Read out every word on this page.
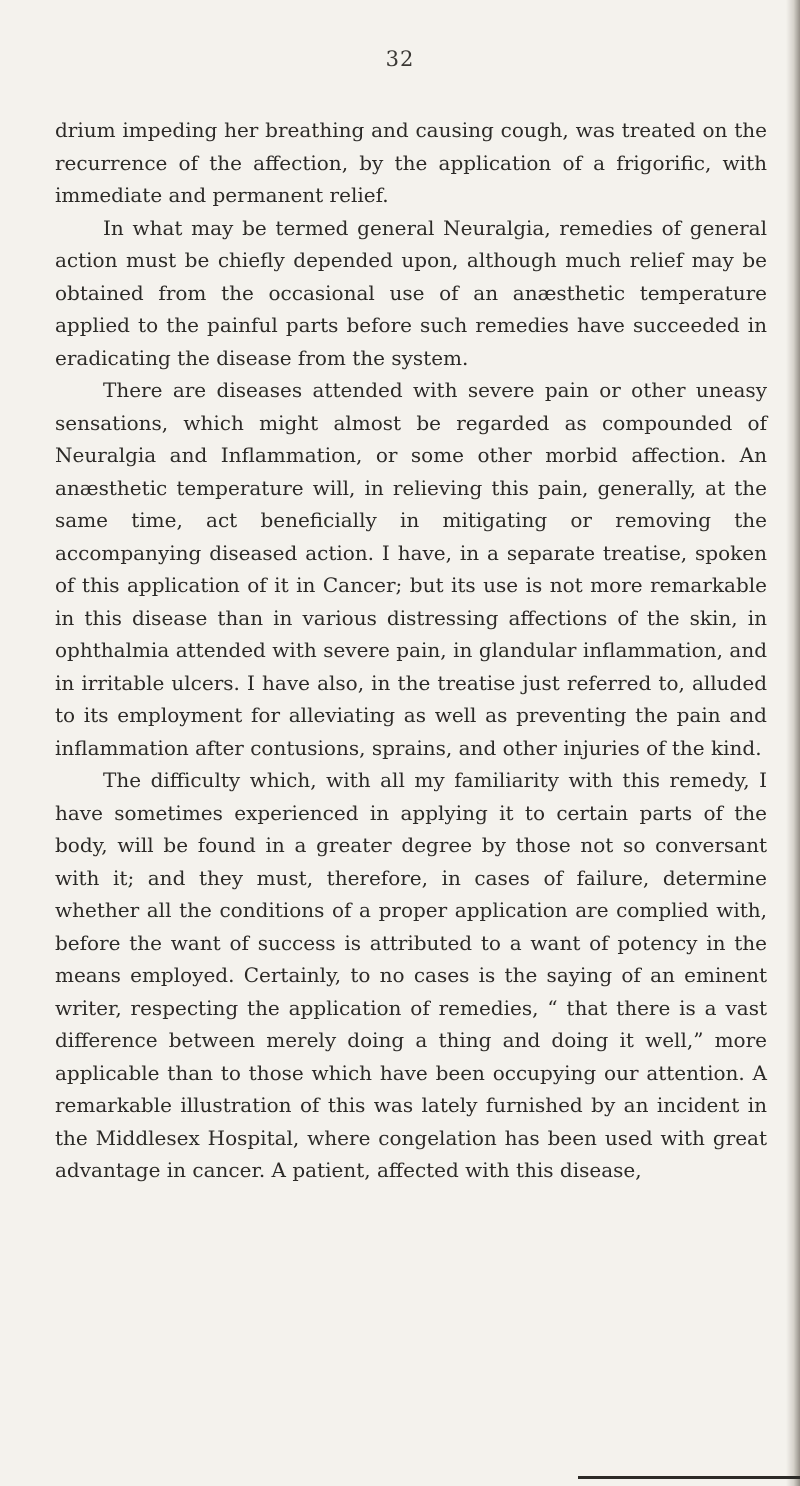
32

drium impeding her breathing and causing cough, was treated on the recurrence of the affection, by the application of a frigorific, with immediate and permanent relief.

In what may be termed general Neuralgia, remedies of general action must be chiefly depended upon, although much relief may be obtained from the occasional use of an anæsthetic temperature applied to the painful parts before such remedies have succeeded in eradicating the disease from the system.

There are diseases attended with severe pain or other uneasy sensations, which might almost be regarded as compounded of Neuralgia and Inflammation, or some other morbid affection. An anæsthetic temperature will, in relieving this pain, generally, at the same time, act beneficially in mitigating or removing the accompanying diseased action. I have, in a separate treatise, spoken of this application of it in Cancer; but its use is not more remarkable in this disease than in various distressing affections of the skin, in ophthalmia attended with severe pain, in glandular inflammation, and in irritable ulcers. I have also, in the treatise just referred to, alluded to its employment for alleviating as well as preventing the pain and inflammation after contusions, sprains, and other injuries of the kind.

The difficulty which, with all my familiarity with this remedy, I have sometimes experienced in applying it to certain parts of the body, will be found in a greater degree by those not so conversant with it; and they must, therefore, in cases of failure, determine whether all the conditions of a proper application are complied with, before the want of success is attributed to a want of potency in the means employed. Certainly, to no cases is the saying of an eminent writer, respecting the application of remedies, “ that there is a vast difference between merely doing a thing and doing it well,” more applicable than to those which have been occupying our attention. A remarkable illustration of this was lately furnished by an incident in the Middlesex Hospital, where congelation has been used with great advantage in cancer. A patient, affected with this disease,
